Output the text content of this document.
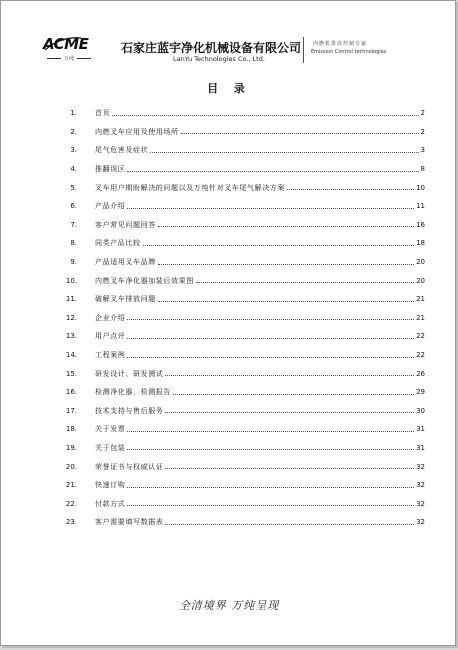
ACME
万纯
石家庄蓝宇净化机械设备有限公司
LanYu Technologies Co., Ltd.
内燃机排放控制专家
Emission Control technologies
目 录
1.	首页	2
2.	内燃叉车应用及使用场所	2
3.	尾气危害及症状	3
4.	推翻误区	8
5.	叉车用户期盼解决的问题以及万纯针对叉车尾气解决方案	10
6.	产品介绍	11
7.	客户常见问题回答	16
8.	同类产品比较	18
9.	产品适用叉车品牌	20
10.	内燃叉车净化器加装后效果图	20
11.	破解叉车排放问题	21
12.	企业介绍	21
13.	用户点评	22
14.	工程案例	22
15.	研发设计、研发测试	26
16.	检测净化器，检测报告	29
17.	技术支持与售后服务	30
18.	关于发票	31
19.	关于包装	31
20.	荣誉证书与权威认证	32
21.	快速订购	32
22.	付款方式	32
23.	客户需要填写数据表	32
全清境界 万纯呈现
